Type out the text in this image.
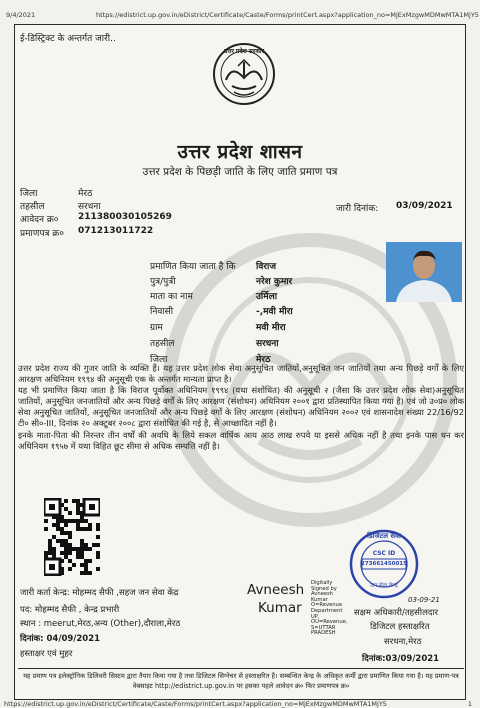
9/4/2021	https://edistrict.up.gov.in/eDistrict/Certificate/Caste/Forms/printCert.aspx?application_no=MjExMzgwMDMwMTA1MjY5
https://edistrict.up.gov.in/eDistrict/Certificate/Caste/Forms/printCert.aspx?application_no=MjExMzgwMDMwMTA1MjY5	1
ई-डिस्ट्रिक्ट के अन्तर्गत जारी..
उत्तर प्रदेश सरकार
उत्तर प्रदेश शासन
उत्तर प्रदेश के पिछड़ी जाति के लिए जाति प्रमाण पत्र
जिला	मेरठ
तहसील	सरधना
आवेदन क्र० 211380030105269
प्रमाणपत्र क्र० 071213011722
जारी दिनांक: 03/09/2021
प्रमाणित किया जाता है कि विराज
पुत्र/पुत्री	नरेश कुमार
माता का नाम	उर्मिला
निवासी	-,मवी मीरा
ग्राम	मवी मीरा
तहसील	सरधना
जिला	मेरठ
उत्तर प्रदेश राज्य की गुजर जाति के व्यक्ति हैं। यह उत्तर प्रदेश लोक सेवा अनुसूचित जातियों,अनुसूचित जन जातियों तथा अन्य पिछड़े वर्गों के लिए आरक्षण अधिनियम १९९४ की अनुसूची एक के अन्तर्गत मान्यता प्राप्त है।
यह भी प्रमाणित किया जाता है कि विराज पूर्वोक्त अधिनियम १९९४ (यथा संशोधित) की अनुसूची २ (जैसा कि उत्तर प्रदेश लोक सेवा)अनुसूचित जातियों, अनुसूचित जनजातियों और अन्य पिछड़े वर्गों के लिए आरक्षण (संशोधन) अधिनियम २००१ द्वारा प्रतिस्थापित किया गया है) एवं जो उ०प्र० लोक सेवा अनुसूचित जातियों, अनुसूचित जनजातियों और अन्य पिछड़े वर्गों के लिए आरक्षण (संशोधन) अधिनियम २००२ एवं शासनादेश संख्या 22/16/92 टी० सी०-III, दिनांक २० अक्टूबर २००८ द्वारा संशोधित की गई है, से आच्छादित नहीं है।
इनके माता-पिता की निरन्तर तीन वर्षों की अवधि के लिये सकल वार्षिक आय आठ लाख रुपये या इससे अधिक नहीं है तथा इनके पास धन कर अधिनियम १९५७ में यथा विहित छूट सीमा से अधिक सम्पत्ति नहीं है।
डिजिटल सेवा
CSC ID
273661450015
जन सेवा केन्द्र
जारी कर्ता केन्द्र: मोहम्मद सैफी ,सहज जन सेवा केंद्र	Avneesh
Kumar
Digitally
Signed by
Avneesh
Kumar
O=Revenue
Department
UP,
OU=Revenue,
S=UTTAR
PRADESH
पद: मोहम्मद सैफी , केन्द्र प्रभारी
स्थान : meerut,मेरठ,अन्य (Other),दौराला,मेरठ
दिनांक: 04/09/2021
हस्ताक्षर एवं मुहर
03-09-21
सक्षम अधिकारी/तहसीलदार
डिजिटल हस्ताक्षरित
सरधना,मेरठ
दिनांक:03/09/2021
यह प्रमाण पत्र इलेक्ट्रॉनिक डिलिवरी सिस्टम द्वारा तैयार किया गया है तथा डिजिटल सिग्नेचर से हस्ताक्षरित है। सम्बन्धित केन्द्र के अधिकृत कर्मी द्वारा प्रमाणित किया गया है। यह प्रमाण-पत्र वेबसाइट http://edistrict.up.gov.in पर इसका पहले आवेदन क्र० फिर प्रमाणपत्र क्र०
